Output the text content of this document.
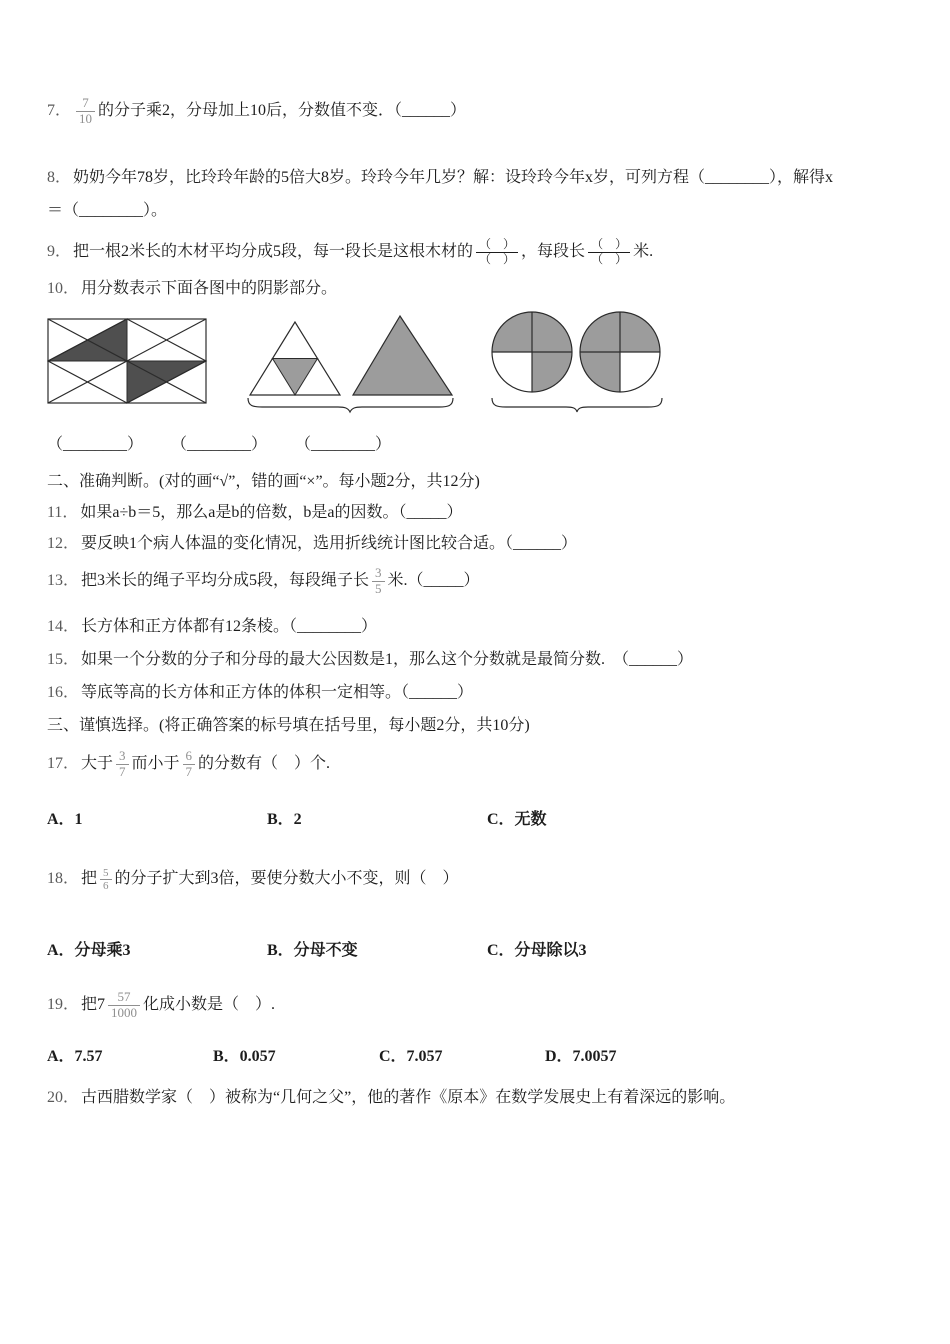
7． $\frac{7}{10}$ 的分子乘2，分母加上10后，分数值不变．（______）
8． 奶奶今年78岁，比玲玲年龄的5倍大8岁。玲玲今年几岁？解：设玲玲今年x岁，可列方程（________），解得x
＝（________）。
9． 把一根2米长的木材平均分成5段，每一段长是这根木材的 $\frac{( )}{( )}$ ，每段长 $\frac{( )}{( )}$ 米.
10． 用分数表示下面各图中的阴影部分。
（________） （________） （________）
二、准确判断。(对的画“√”，错的画“×”。每小题2分，共12分)
11． 如果a÷b＝5，那么a是b的倍数，b是a的因数。（_____）
12． 要反映1个病人体温的变化情况，选用折线统计图比较合适。（______）
13． 把3米长的绳子平均分成5段，每段绳子长 $\frac{3}{5}$ 米.（_____）
14． 长方体和正方体都有12条棱。（________）
15． 如果一个分数的分子和分母的最大公因数是1，那么这个分数就是最简分数.　（______）
16． 等底等高的长方体和正方体的体积一定相等。（______）
三、谨慎选择。(将正确答案的标号填在括号里，每小题2分，共10分)
17． 大于 $\frac{3}{7}$ 而小于 $\frac{6}{7}$ 的分数有（　）个.
A．1	B．2	C．无数
18． 把 $\frac{5}{6}$ 的分子扩大到3倍，要使分数大小不变，则（　）
A．分母乘3	B．分母不变	C．分母除以3
19． 把$7 \frac{57}{1000}$ 化成小数是（　）.
A．7.57	B．0.057	C．7.057	D．7.0057
20． 古西腊数学家（　）被称为“几何之父”，他的著作《原本》在数学发展史上有着深远的影响。
